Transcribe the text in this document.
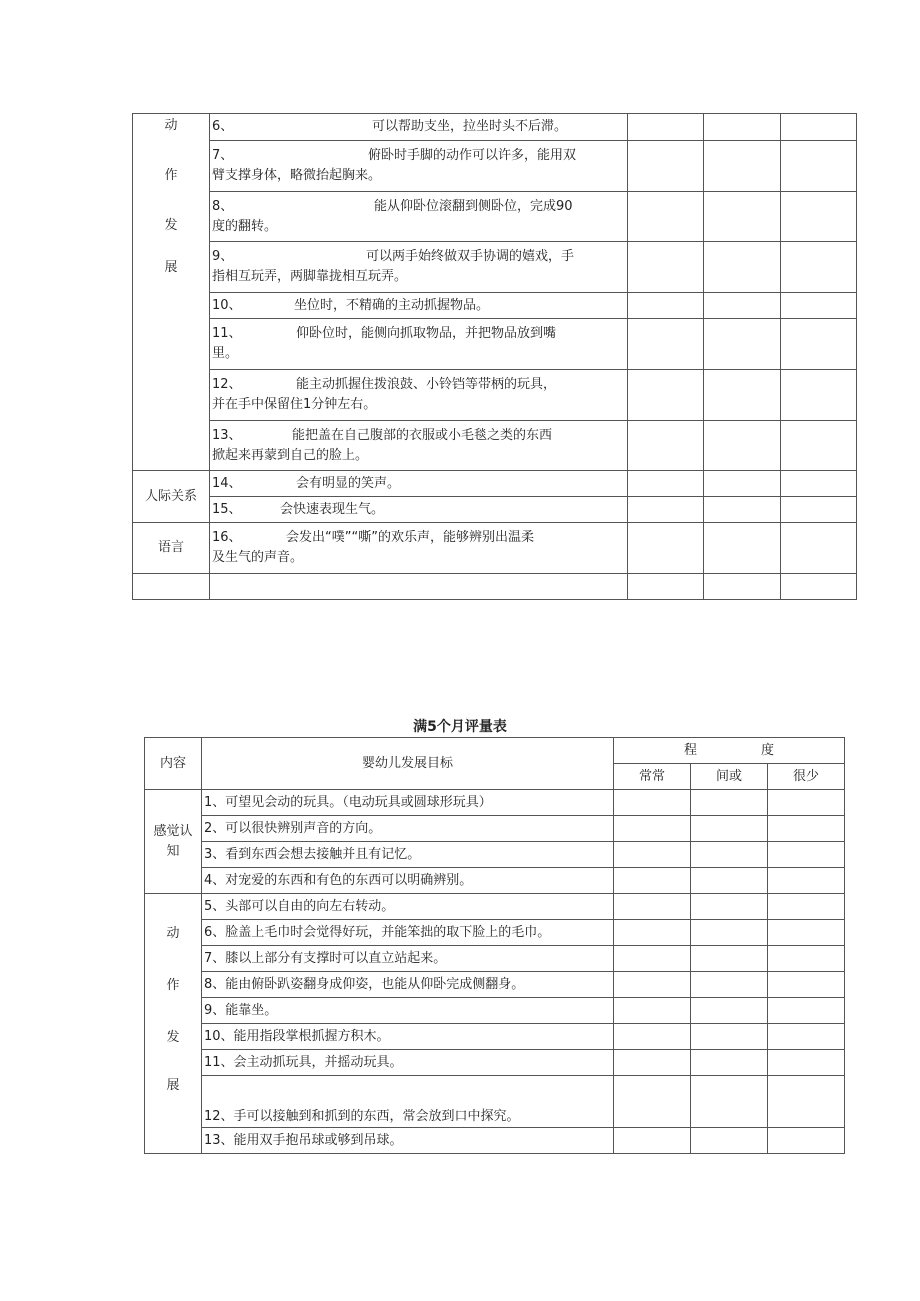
动
作
发
展	6、 可以帮助支坐，拉坐时头不后滞。			
	7、 俯卧时手脚的动作可以许多，能用双
臂支撑身体，略微抬起胸来。			
	8、 能从仰卧位滚翻到侧卧位，完成90
度的翻转。			
	9、 可以两手始终做双手协调的嬉戏，手
指相互玩弄，两脚靠拢相互玩弄。			
	10、 坐位时，不精确的主动抓握物品。			
	11、 仰卧位时，能侧向抓取物品，并把物品放到嘴
里。			
	12、 能主动抓握住拨浪鼓、小铃铛等带柄的玩具，
并在手中保留住1分钟左右。			
	13、 能把盖在自己腹部的衣服或小毛毯之类的东西
掀起来再蒙到自己的脸上。			
人际关系	14、 会有明显的笑声。			
	15、 会快速表现生气。			
语言	16、 会发出“噗”“嘶”的欢乐声，能够辨别出温柔
及生气的声音。			

满5个月评量表
内容	婴幼儿发展目标	程 度		
		常常	间或	很少
感觉认
知	1、可望见会动的玩具。（电动玩具或圆球形玩具）			
	2、可以很快辨别声音的方向。			
	3、看到东西会想去接触并且有记忆。			
	4、对宠爱的东西和有色的东西可以明确辨别。			

动
作
发
展	5、头部可以自由的向左右转动。			
	6、脸盖上毛巾时会觉得好玩，并能笨拙的取下脸上的毛巾。			
	7、膝以上部分有支撑时可以直立站起来。			
	8、能由俯卧趴姿翻身成仰姿，也能从仰卧完成侧翻身。			
	9、能靠坐。			
	10、能用指段掌根抓握方积木。			
	11、会主动抓玩具，并摇动玩具。			
	12、手可以接触到和抓到的东西，常会放到口中探究。			
	13、能用双手抱吊球或够到吊球。			
